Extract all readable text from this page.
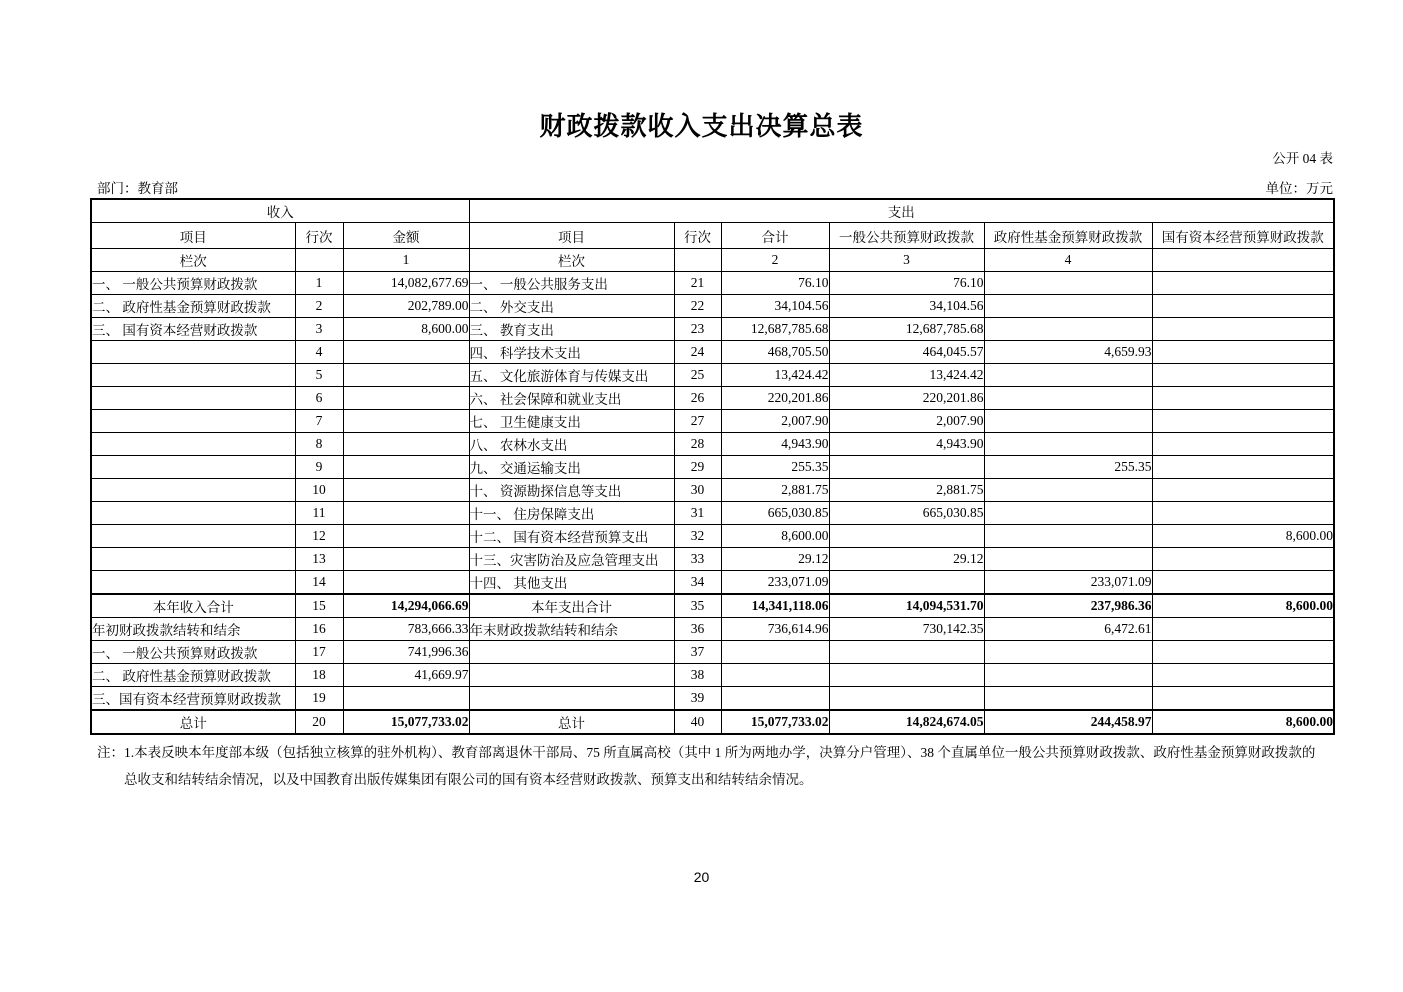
财政拨款收入支出决算总表
公开 04 表
部门：教育部	单位：万元
收入			支出					
项目	行次	金额	项目	行次	合计	一般公共预算财政拨款	政府性基金预算财政拨款	国有资本经营预算财政拨款
栏次		1	栏次		2	3	4	
一、 一般公共预算财政拨款	1	14,082,677.69	一、 一般公共服务支出	21	76.10	76.10		
二、 政府性基金预算财政拨款	2	202,789.00	二、 外交支出	22	34,104.56	34,104.56		
三、 国有资本经营财政拨款	3	8,600.00	三、 教育支出	23	12,687,785.68	12,687,785.68		
	4		四、 科学技术支出	24	468,705.50	464,045.57	4,659.93	
	5		五、 文化旅游体育与传媒支出	25	13,424.42	13,424.42		
	6		六、 社会保障和就业支出	26	220,201.86	220,201.86		
	7		七、 卫生健康支出	27	2,007.90	2,007.90		
	8		八、 农林水支出	28	4,943.90	4,943.90		
	9		九、 交通运输支出	29	255.35		255.35	
	10		十、 资源勘探信息等支出	30	2,881.75	2,881.75		
	11		十一、 住房保障支出	31	665,030.85	665,030.85		
	12		十二、 国有资本经营预算支出	32	8,600.00			8,600.00
	13		十三、灾害防治及应急管理支出	33	29.12	29.12		
	14		十四、 其他支出	34	233,071.09		233,071.09	
本年收入合计	15	14,294,066.69	本年支出合计	35	14,341,118.06	14,094,531.70	237,986.36	8,600.00
年初财政拨款结转和结余	16	783,666.33	年末财政拨款结转和结余	36	736,614.96	730,142.35	6,472.61	
一、 一般公共预算财政拨款	17	741,996.36		37				
二、 政府性基金预算财政拨款	18	41,669.97		38				
三、国有资本经营预算财政拨款	19			39				
总计	20	15,077,733.02	总计	40	15,077,733.02	14,824,674.05	244,458.97	8,600.00
注：1.本表反映本年度部本级（包括独立核算的驻外机构）、教育部离退休干部局、75 所直属高校（其中 1 所为两地办学，决算分户管理）、38 个直属单位一般公共预算财政拨款、政府性基金预算财政拨款的
总收支和结转结余情况，以及中国教育出版传媒集团有限公司的国有资本经营财政拨款、预算支出和结转结余情况。
20
